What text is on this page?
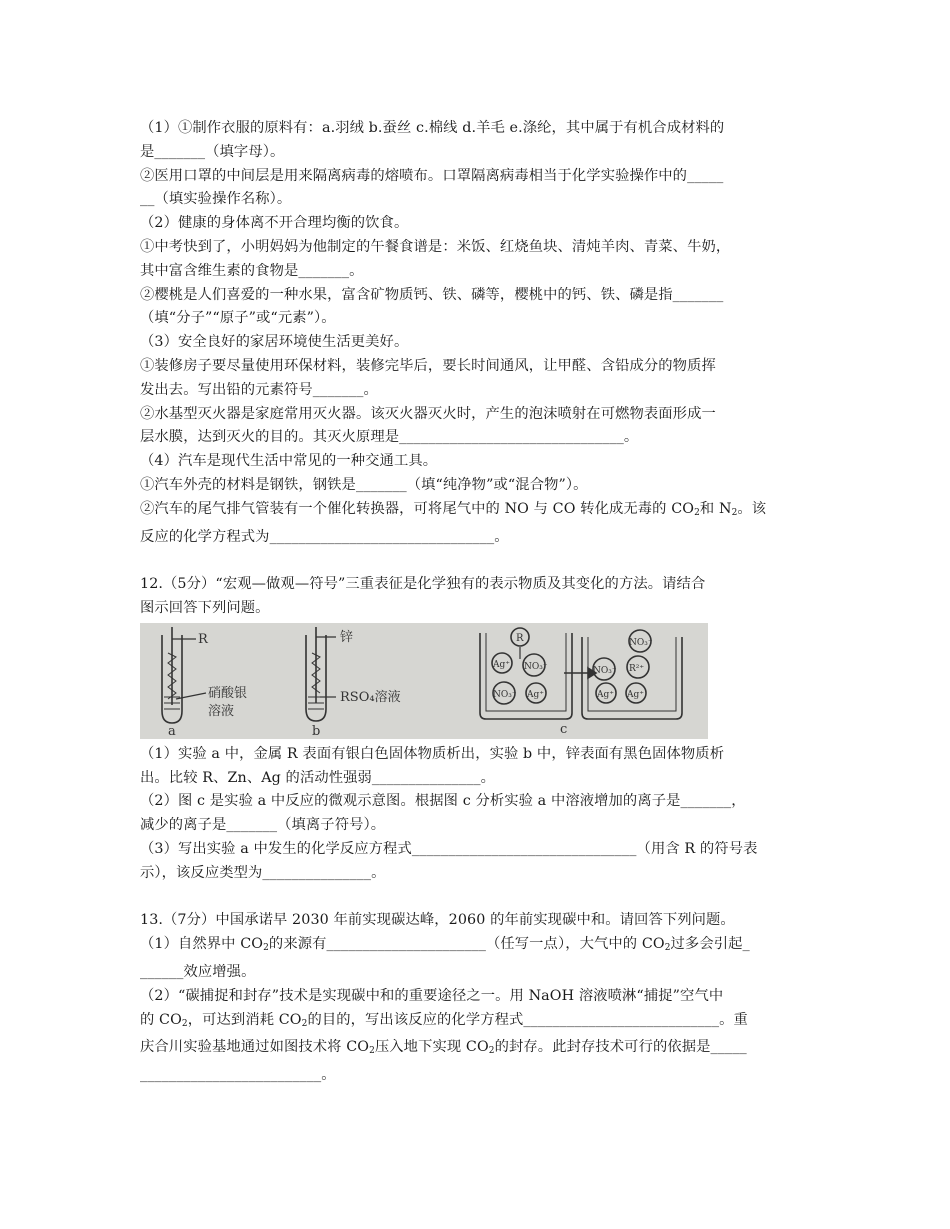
（1）①制作衣服的原料有：a.羽绒 b.蚕丝 c.棉线 d.羊毛 e.涤纶，其中属于有机合成材料的
是_______（填字母）。
②医用口罩的中间层是用来隔离病毒的熔喷布。口罩隔离病毒相当于化学实验操作中的_____
__（填实验操作名称）。
（2）健康的身体离不开合理均衡的饮食。
①中考快到了，小明妈妈为他制定的午餐食谱是：米饭、红烧鱼块、清炖羊肉、青菜、牛奶，
其中富含维生素的食物是_______。
②樱桃是人们喜爱的一种水果，富含矿物质钙、铁、磷等，樱桃中的钙、铁、磷是指_______
（填“分子”“原子”或“元素”）。
（3）安全良好的家居环境使生活更美好。
①装修房子要尽量使用环保材料，装修完毕后，要长时间通风，让甲醛、含铅成分的物质挥
发出去。写出铅的元素符号_______。
②水基型灭火器是家庭常用灭火器。该灭火器灭火时，产生的泡沫喷射在可燃物表面形成一
层水膜，达到灭火的目的。其灭火原理是_______________________________。
（4）汽车是现代生活中常见的一种交通工具。
①汽车外壳的材料是钢铁，钢铁是_______（填“纯净物”或“混合物”）。
②汽车的尾气排气管装有一个催化转换器，可将尾气中的 NO 与 CO 转化成无毒的 $CO_2$和 $N_2$。该
反应的化学方程式为_______________________________。
12.（5分）“宏观—做观—符号”三重表征是化学独有的表示物质及其变化的方法。请结合
图示回答下列问题。
R
硝酸银
溶液
a
锌
RSO₄溶液
b
R
Ag⁺ NO₃⁻
NO₃⁻ Ag⁺
NO₃⁻
NO₃⁻ R²⁺
Ag⁺ Ag⁺
c
（1）实验 a 中，金属 R 表面有银白色固体物质析出，实验 b 中，锌表面有黑色固体物质析
出。比较 R、Zn、Ag 的活动性强弱_______________。
（2）图 c 是实验 a 中反应的微观示意图。根据图 c 分析实验 a 中溶液增加的离子是_______，
减少的离子是_______（填离子符号）。
（3）写出实验 a 中发生的化学反应方程式_______________________________（用含 R 的符号表
示），该反应类型为_______________。
13.（7分）中国承诺早 2030 年前实现碳达峰，2060 的年前实现碳中和。请回答下列问题。
（1）自然界中 $CO_2$的来源有______________________（任写一点），大气中的 $CO_2$过多会引起_
______效应增强。
（2）“碳捕捉和封存”技术是实现碳中和的重要途径之一。用 NaOH 溶液喷淋“捕捉”空气中
的 $CO_2$，可达到消耗 $CO_2$的目的，写出该反应的化学方程式___________________________。重
庆合川实验基地通过如图技术将 $CO_2$压入地下实现 $CO_2$的封存。此封存技术可行的依据是_____
_________________________。
